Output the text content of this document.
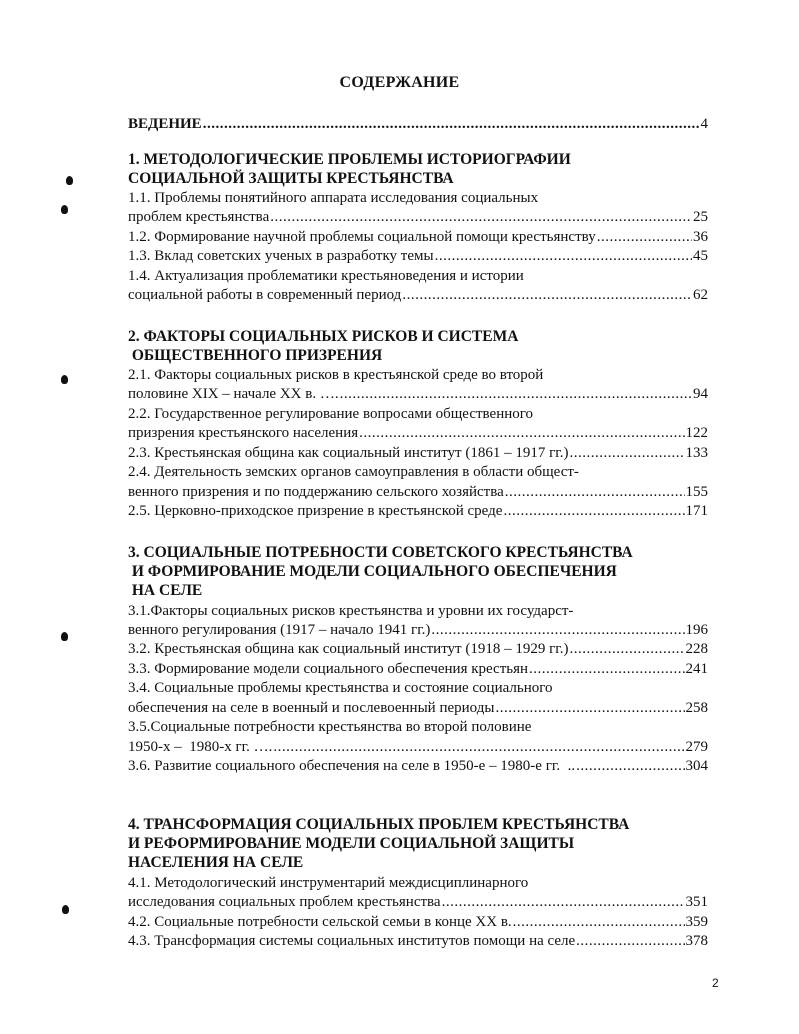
СОДЕРЖАНИЕ
ВЕДЕНИЕ .....	4
1. МЕТОДОЛОГИЧЕСКИЕ ПРОБЛЕМЫ ИСТОРИОГРАФИИ
СОЦИАЛЬНОЙ ЗАЩИТЫ КРЕСТЬЯНСТВА
1.1. Проблемы понятийного аппарата исследования социальных
проблем крестьянства .....	25
1.2. Формирование научной проблемы социальной помощи крестьянству .....	36
1.3. Вклад советских ученых в разработку темы .....	45
1.4. Актуализация проблематики крестьяноведения и истории
социальной работы в современный период .....	62
2. ФАКТОРЫ СОЦИАЛЬНЫХ РИСКОВ И СИСТЕМА
ОБЩЕСТВЕННОГО ПРИЗРЕНИЯ
2.1. Факторы социальных рисков в крестьянской среде во второй
половине XIX – начале XX в. …. .....	94
2.2. Государственное регулирование вопросами общественного
призрения крестьянского населения .....	122
2.3. Крестьянская община как социальный институт (1861 – 1917 гг.) .....	133
2.4. Деятельность земских органов самоуправления в области общест-
венного призрения и по поддержанию сельского хозяйства .....	155
2.5. Церковно-приходское призрение в крестьянской среде .....	171
3. СОЦИАЛЬНЫЕ ПОТРЕБНОСТИ СОВЕТСКОГО КРЕСТЬЯНСТВА
И ФОРМИРОВАНИЕ МОДЕЛИ СОЦИАЛЬНОГО ОБЕСПЕЧЕНИЯ
НА СЕЛЕ
3.1.Факторы социальных рисков крестьянства и уровни их государст-
венного регулирования (1917 – начало 1941 гг.) .....	196
3.2. Крестьянская община как социальный институт (1918 – 1929 гг.) .....	228
3.3. Формирование модели социального обеспечения крестьян .....	241
3.4. Социальные проблемы крестьянства и состояние социального
обеспечения на селе в военный и послевоенный периоды .....	258
3.5.Социальные потребности крестьянства во второй половине
1950-х –  1980-х гг. …. .....	279
3.6. Развитие социального обеспечения на селе в 1950-е – 1980-е гг.  .. .....	304
4. ТРАНСФОРМАЦИЯ СОЦИАЛЬНЫХ ПРОБЛЕМ КРЕСТЬЯНСТВА
И РЕФОРМИРОВАНИЕ МОДЕЛИ СОЦИАЛЬНОЙ ЗАЩИТЫ
НАСЕЛЕНИЯ НА СЕЛЕ
4.1. Методологический инструментарий междисциплинарного
исследования социальных проблем крестьянства .....	351
4.2. Социальные потребности сельской семьи в конце XX в. .....	359
4.3. Трансформация системы социальных институтов помощи на селе .....	378
2
